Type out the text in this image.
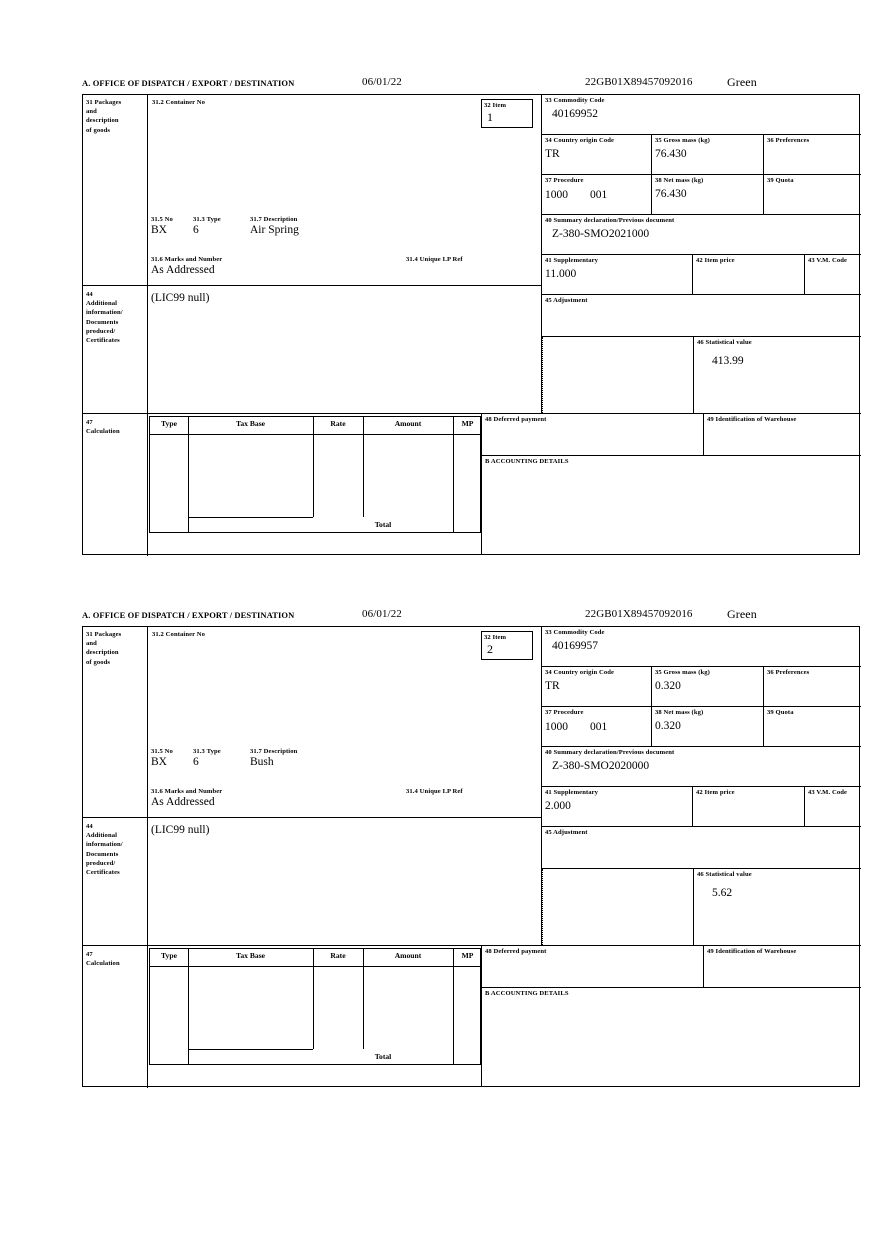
A. OFFICE OF DISPATCH / EXPORT / DESTINATION	06/01/22	22GB01X89457092016	Green
31 Packages
and
description
of goods
44
Additional
information/
Documents
produced/
Certificates
47
Calculation
31.2 Container No	32 Item
1
31.5 No	31.3 Type	31.7 Description
BX 6	Air Spring
31.6 Marks and Number	31.4 Unique I.P Ref
As Addressed
(LIC99 null)
33 Commodity Code
40169952
34 Country origin Code
TR
35 Gross mass (kg)
76.430
36 Preferences
37 Procedure
1000 001
38 Net mass (kg)
76.430
39 Quota
40 Summary declaration/Previous document
Z-380-SMO2021000
41 Supplementary
11.000
42 Item price	43 V.M. Code
45 Adjustment
46 Statistical value
413.99
Type	Tax Base	Rate	Amount	MP
Total
48 Deferred payment	49 Identification of Warehouse
B ACCOUNTING DETAILS
A. OFFICE OF DISPATCH / EXPORT / DESTINATION	06/01/22	22GB01X89457092016	Green
31 Packages
and
description
of goods
44
Additional
information/
Documents
produced/
Certificates
47
Calculation
31.2 Container No	32 Item
2
31.5 No	31.3 Type	31.7 Description
BX 6	Bush
31.6 Marks and Number	31.4 Unique I.P Ref
As Addressed
(LIC99 null)
33 Commodity Code
40169957
34 Country origin Code
TR
35 Gross mass (kg)
0.320
36 Preferences
37 Procedure
1000 001
38 Net mass (kg)
0.320
39 Quota
40 Summary declaration/Previous document
Z-380-SMO2020000
41 Supplementary
2.000
42 Item price	43 V.M. Code
45 Adjustment
46 Statistical value
5.62
Type	Tax Base	Rate	Amount	MP
Total
48 Deferred payment	49 Identification of Warehouse
B ACCOUNTING DETAILS
